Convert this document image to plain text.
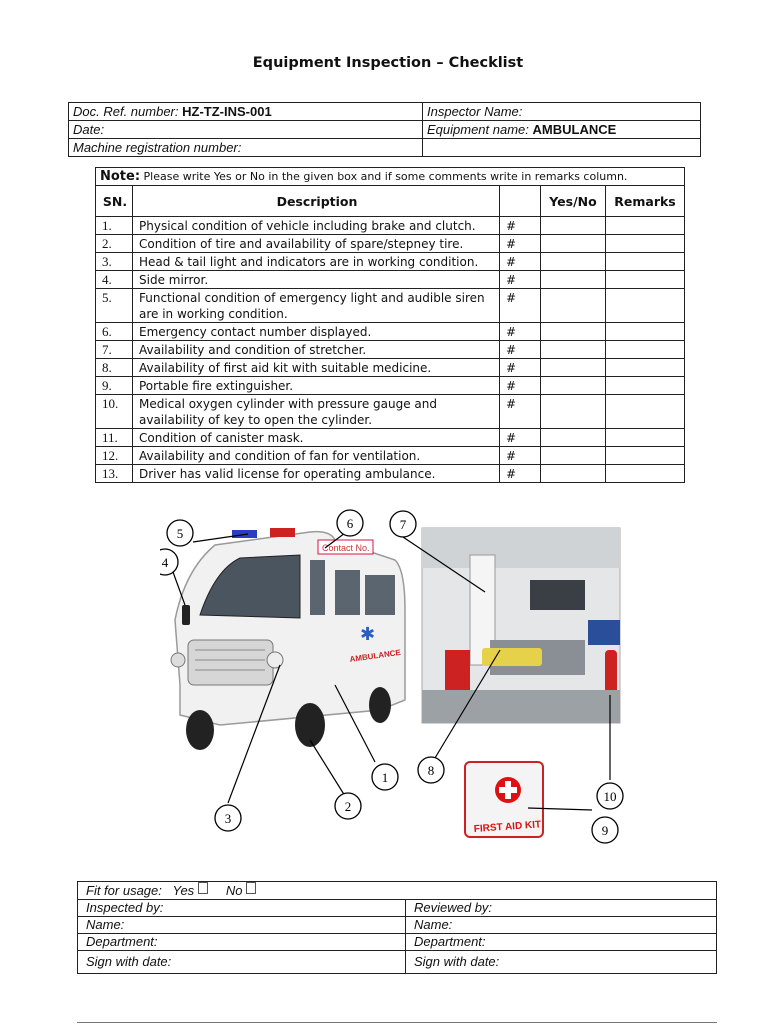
Equipment Inspection – Checklist
Doc. Ref. number: HZ-TZ-INS-001	Inspector Name:
Date:	Equipment name: AMBULANCE
Machine registration number:	
Note: Please write Yes or No in the given box and if some comments write in remarks column.				
SN.	Description		Yes/No	Remarks
1.	Physical condition of vehicle including brake and clutch.	#		
2.	Condition of tire and availability of spare/stepney tire.	#		
3.	Head & tail light and indicators are in working condition.	#		
4.	Side mirror.	#		
5.	Functional condition of emergency light and audible siren are in working condition.	#		
6.	Emergency contact number displayed.	#		
7.	Availability and condition of stretcher.	#		
8.	Availability of first aid kit with suitable medicine.	#		
9.	Portable fire extinguisher.	#		
10.	Medical oxygen cylinder with pressure gauge and availability of key to open the cylinder.	#		
11.	Condition of canister mask.	#		
12.	Availability and condition of fan for ventilation.	#		
13.	Driver has valid license for operating ambulance.	#		
Contact No.
AMBULANCE
✱
FIRST AID KIT
1
2
3
4
5
6	7
8
9
10
Fit for usage: Yes No	
Inspected by:	Reviewed by:
Name:	Name:
Department:	Department:
Sign with date:	Sign with date:
